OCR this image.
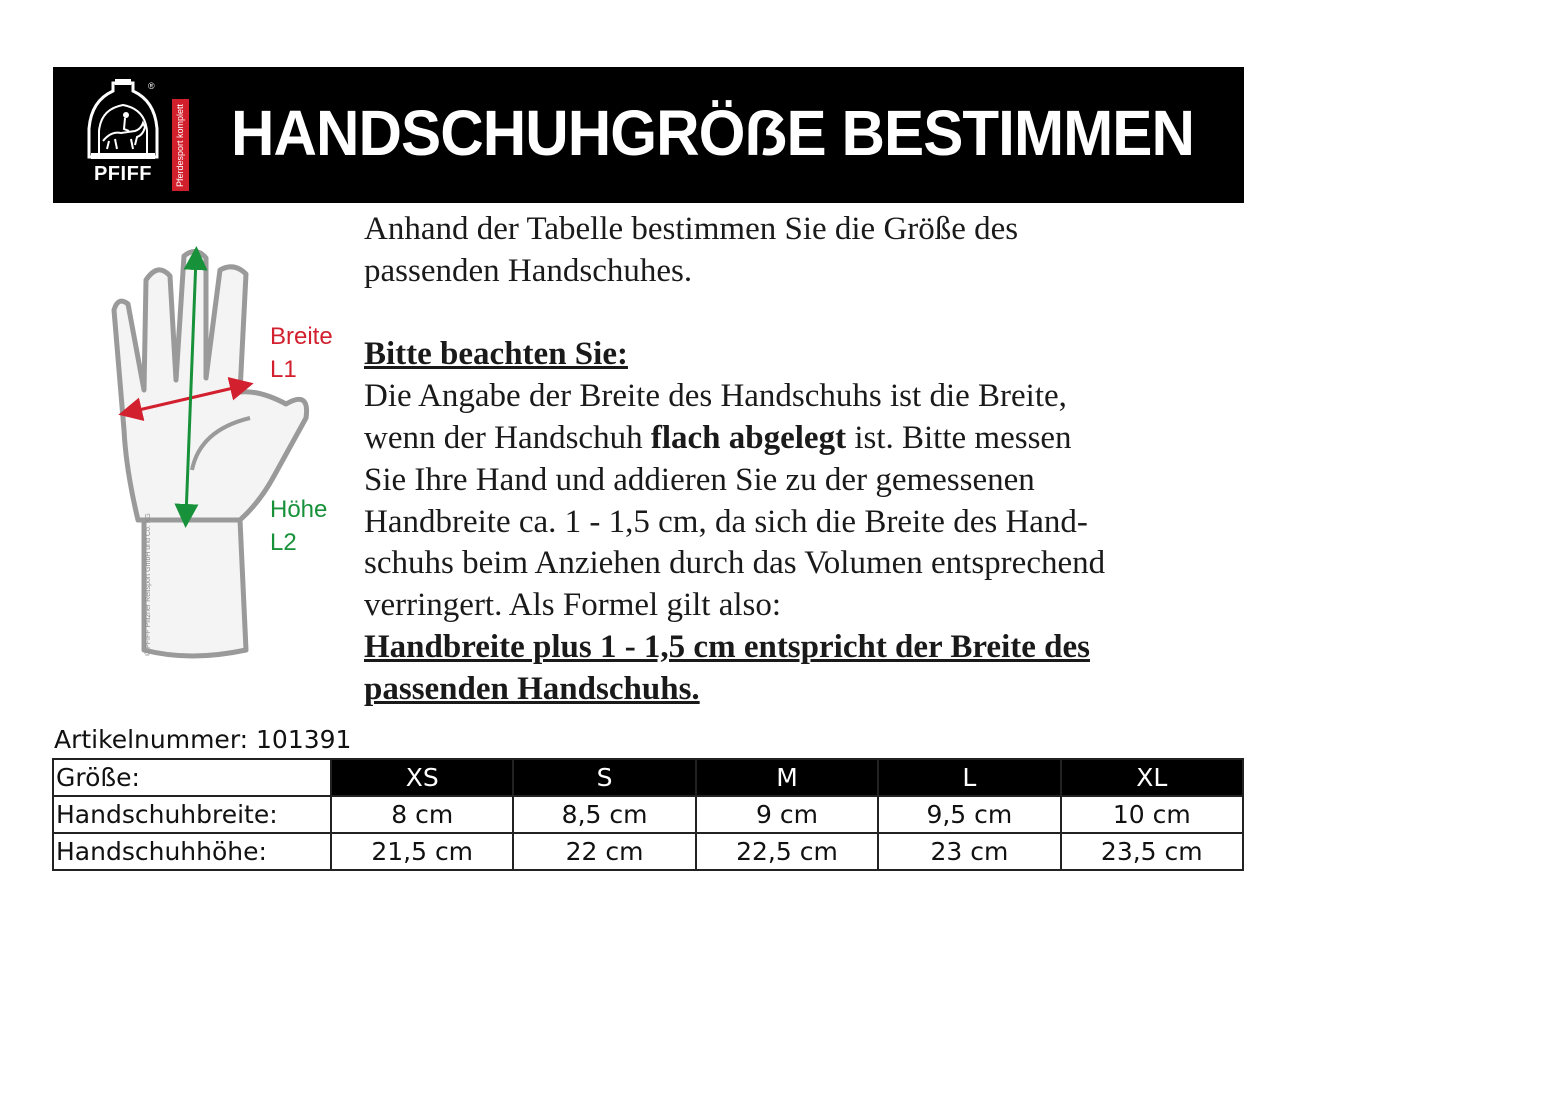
®
PFIFF	Pferdesport komplett HANDSCHUHGRÖẞE BESTIMMEN
© PFIFF Pfitzner Reitsport GmbH und Co. KG
Breite
L1
Höhe
L2

Anhand der Tabelle bestimmen Sie die Größe des

passenden Handschuhes.

Bitte beachten Sie:

Die Angabe der Breite des Handschuhs ist die Breite,

wenn der Handschuh flach abgelegt ist. Bitte messen

Sie Ihre Hand und addieren Sie zu der gemessenen

Handbreite ca. 1 - 1,5 cm, da sich die Breite des Hand-

schuhs beim Anziehen durch das Volumen entsprechend

verringert. Als Formel gilt also:

Handbreite plus 1 - 1,5 cm entspricht der Breite des

passenden Handschuhs.

Artikelnummer: 101391
Größe:	XS	S	M	L	XL
Handschuhbreite:	8 cm	8,5 cm	9 cm	9,5 cm	10 cm
Handschuhhöhe:	21,5 cm	22 cm	22,5 cm	23 cm	23,5 cm
